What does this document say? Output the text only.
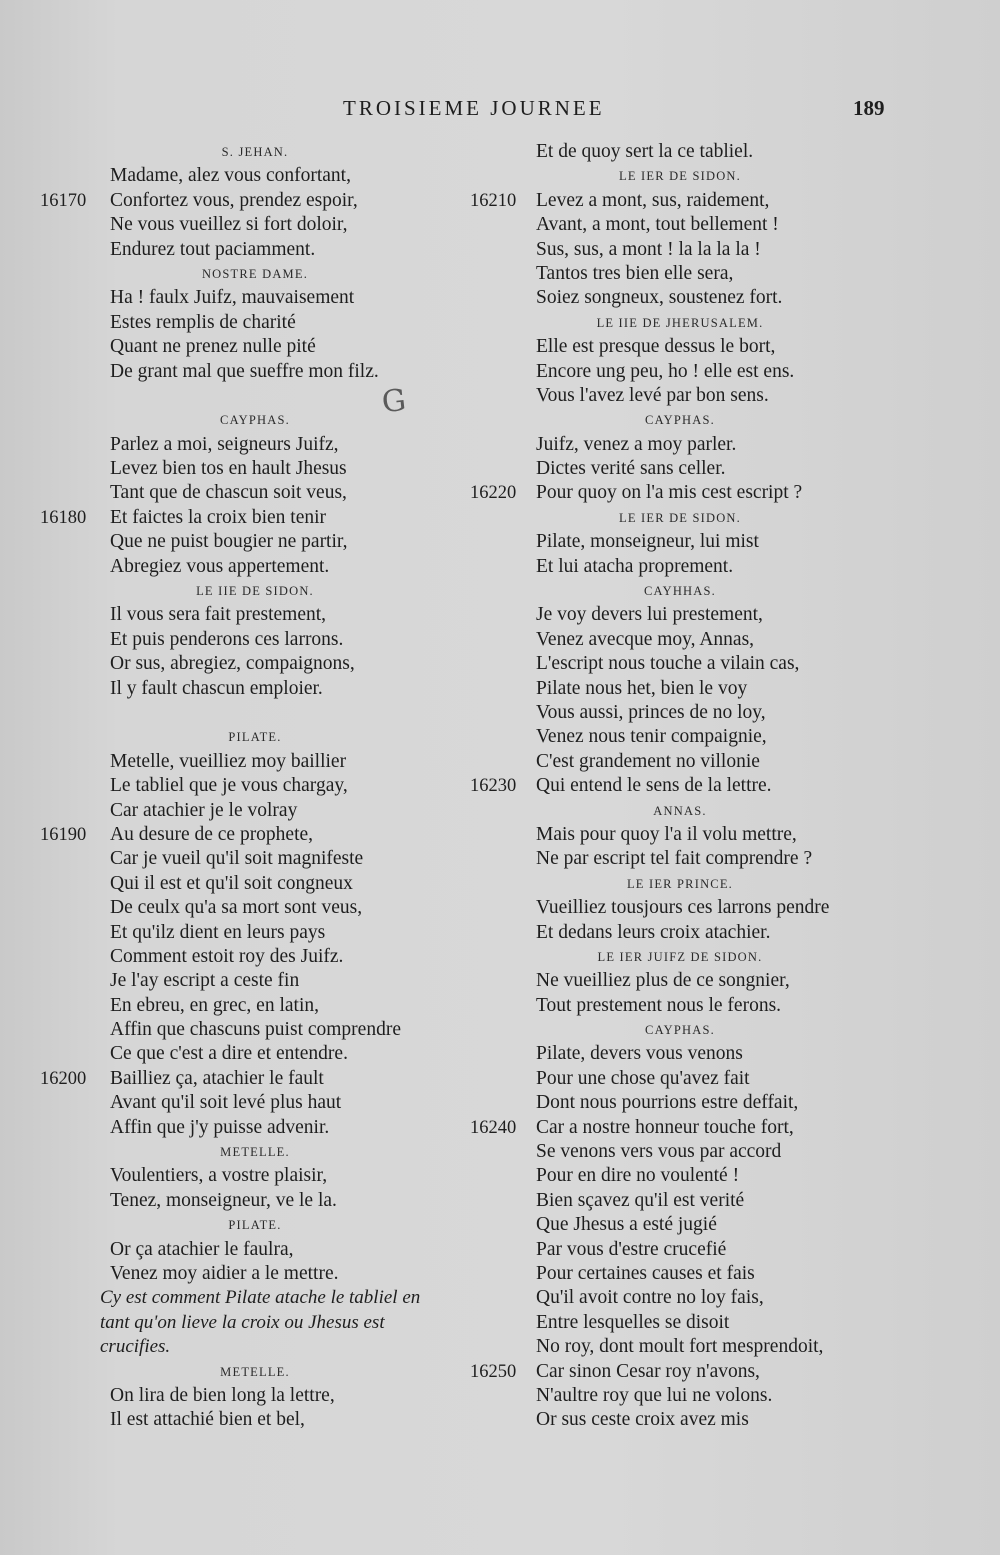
TROISIEME JOURNEE	189
S. JEHAN.
Madame, alez vous confortant,
16170 Confortez vous, prendez espoir,
Ne vous vueillez si fort doloir,
Endurez tout paciamment.
NOSTRE DAME.
Ha ! faulx Juifz, mauvaisement
Estes remplis de charité
Quant ne prenez nulle pité
De grant mal que sueffre mon filz.
CAYPHAS.
Parlez a moi, seigneurs Juifz,
Levez bien tos en hault Jhesus
Tant que de chascun soit veus,
16180 Et faictes la croix bien tenir
Que ne puist bougier ne partir,
Abregiez vous appertement.
LE IIE DE SIDON.
Il vous sera fait prestement,
Et puis penderons ces larrons.
Or sus, abregiez, compaignons,
Il y fault chascun emploier.
PILATE.
Metelle, vueilliez moy baillier
Le tabliel que je vous chargay,
Car atachier je le volray
16190 Au desure de ce prophete,
Car je vueil qu'il soit magnifeste
Qui il est et qu'il soit congneux
De ceulx qu'a sa mort sont veus,
Et qu'ilz dient en leurs pays
Comment estoit roy des Juifz.
Je l'ay escript a ceste fin
En ebreu, en grec, en latin,
Affin que chascuns puist comprendre
Ce que c'est a dire et entendre.
16200 Bailliez ça, atachier le fault
Avant qu'il soit levé plus haut
Affin que j'y puisse advenir.
METELLE.
Voulentiers, a vostre plaisir,
Tenez, monseigneur, ve le la.
PILATE.
Or ça atachier le faulra,
Venez moy aidier a le mettre.
Cy est comment Pilate atache le tabliel en
tant qu'on lieve la croix ou Jhesus est
crucifies.
METELLE.
On lira de bien long la lettre,
Il est attachié bien et bel,
Et de quoy sert la ce tabliel.
LE IER DE SIDON.
16210 Levez a mont, sus, raidement,
Avant, a mont, tout bellement !
Sus, sus, a mont ! la la la la !
Tantos tres bien elle sera,
Soiez songneux, soustenez fort.
LE IIE DE JHERUSALEM.
Elle est presque dessus le bort,
Encore ung peu, ho ! elle est ens.
Vous l'avez levé par bon sens.
CAYPHAS.
Juifz, venez a moy parler.
Dictes verité sans celler.
16220 Pour quoy on l'a mis cest escript ?
LE IER DE SIDON.
Pilate, monseigneur, lui mist
Et lui atacha proprement.
CAYHHAS.
Je voy devers lui prestement,
Venez avecque moy, Annas,
L'escript nous touche a vilain cas,
Pilate nous het, bien le voy
Vous aussi, princes de no loy,
Venez nous tenir compaignie,
C'est grandement no villonie
16230 Qui entend le sens de la lettre.
ANNAS.
Mais pour quoy l'a il volu mettre,
Ne par escript tel fait comprendre ?
LE IER PRINCE.
Vueilliez tousjours ces larrons pendre
Et dedans leurs croix atachier.
LE IER JUIFZ DE SIDON.
Ne vueilliez plus de ce songnier,
Tout prestement nous le ferons.
CAYPHAS.
Pilate, devers vous venons
Pour une chose qu'avez fait
Dont nous pourrions estre deffait,
16240 Car a nostre honneur touche fort,
Se venons vers vous par accord
Pour en dire no voulenté !
Bien sçavez qu'il est verité
Que Jhesus a esté jugié
Par vous d'estre crucefié
Pour certaines causes et fais
Qu'il avoit contre no loy fais,
Entre lesquelles se disoit
No roy, dont moult fort mesprendoit,
16250 Car sinon Cesar roy n'avons,
N'aultre roy que lui ne volons.
Or sus ceste croix avez mis
G
